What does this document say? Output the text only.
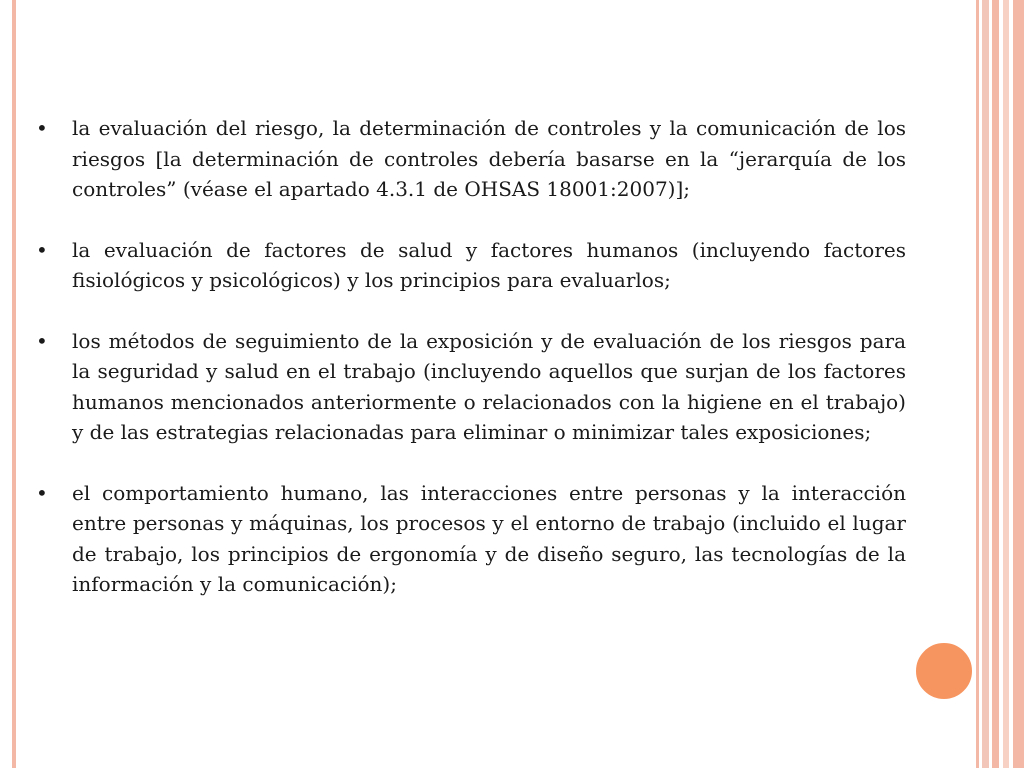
•	la evaluación del riesgo, la determinación de controles y la comunicación de los riesgos [la determinación de controles debería basarse en la “jerarquía de los controles” (véase el apartado 4.3.1 de OHSAS 18001:2007)];
•	la evaluación de factores de salud y factores humanos (incluyendo factores fisiológicos y psicológicos) y los principios para evaluarlos;
•	los métodos de seguimiento de la exposición y de evaluación de los riesgos para la seguridad y salud en el trabajo (incluyendo aquellos que surjan de los factores humanos mencionados anteriormente o relacionados con la higiene en el trabajo) y de las estrategias relacionadas para eliminar o minimizar tales exposiciones;
•	el comportamiento humano, las interacciones entre personas y la interacción entre personas y máquinas, los procesos y el entorno de trabajo (incluido el lugar de trabajo, los principios de ergonomía y de diseño seguro, las tecnologías de la información y la comunicación);
